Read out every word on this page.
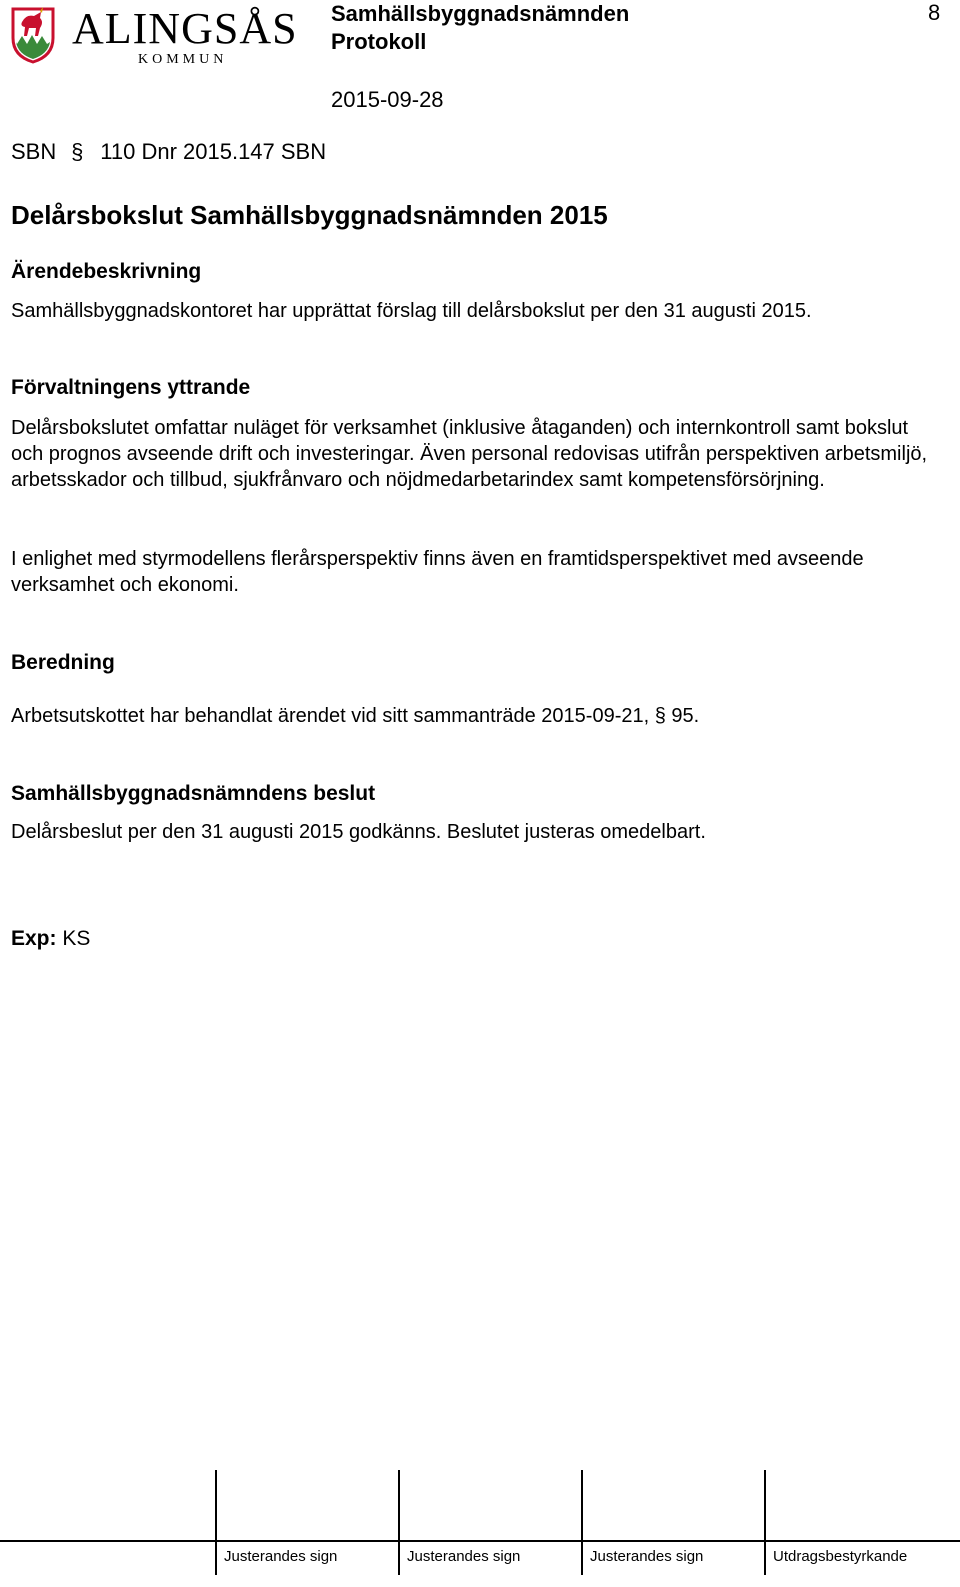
ALINGSÅS
KOMMUN
Samhällsbyggnadsnämnden
Protokoll
8
2015-09-28
SBN § 110 Dnr 2015.147 SBN
Delårsbokslut Samhällsbyggnadsnämnden 2015
Ärendebeskrivning
Samhällsbyggnadskontoret har upprättat förslag till delårsbokslut per den 31 augusti 2015.
Förvaltningens yttrande
Delårsbokslutet omfattar nuläget för verksamhet (inklusive åtaganden) och internkontroll samt bokslut och prognos avseende drift och investeringar. Även personal redovisas utifrån perspektiven arbetsmiljö, arbetsskador och tillbud, sjukfrånvaro och nöjdmedarbetarindex samt kompetensförsörjning.
I enlighet med styrmodellens flerårsperspektiv finns även en framtidsperspektivet med avseende verksamhet och ekonomi.
Beredning
Arbetsutskottet har behandlat ärendet vid sitt sammanträde 2015-09-21, § 95.
Samhällsbyggnadsnämndens beslut
Delårsbeslut per den 31 augusti 2015 godkänns. Beslutet justeras omedelbart.
Exp: KS
Justerandes sign	Justerandes sign	Justerandes sign	Utdragsbestyrkande
